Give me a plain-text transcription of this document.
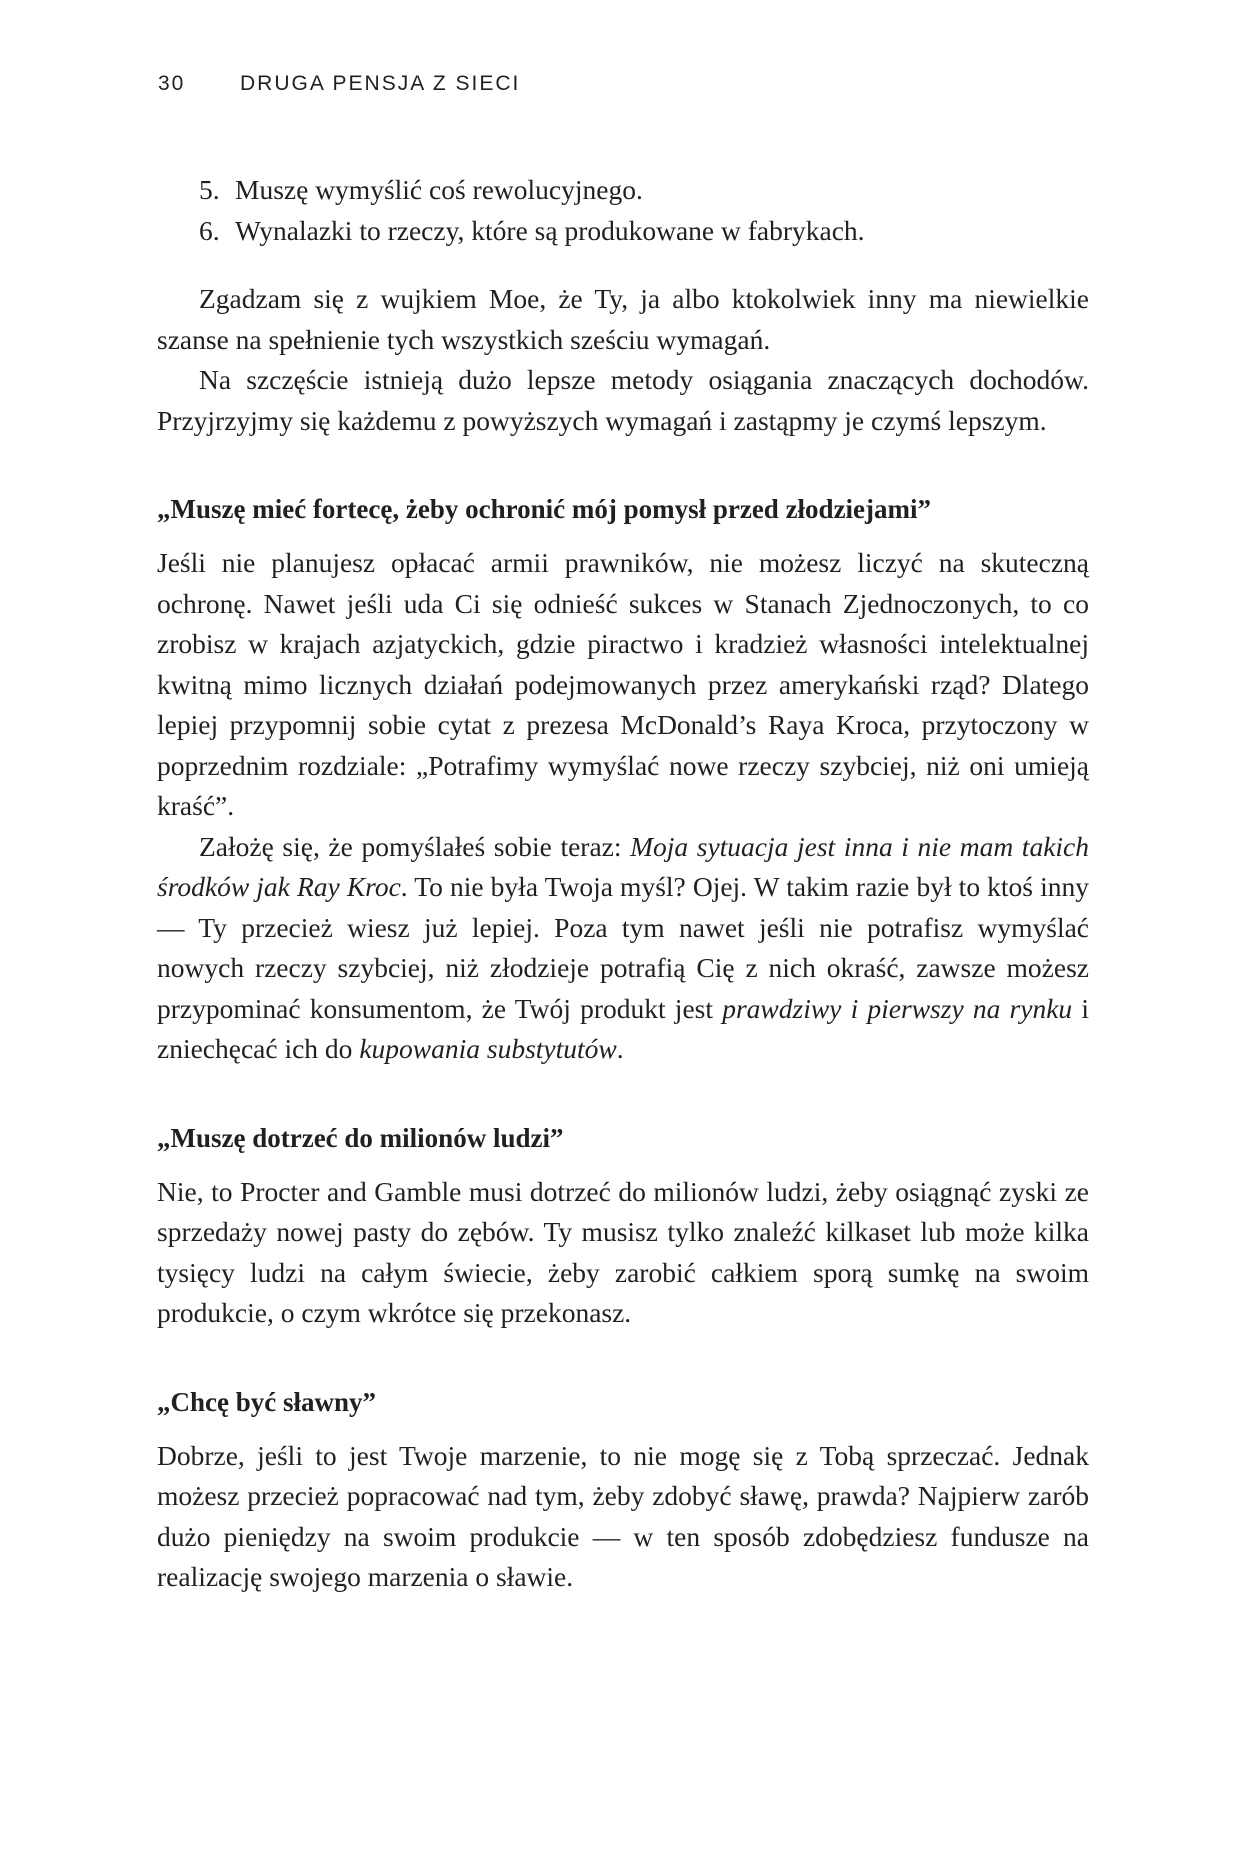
30	DRUGA PENSJA Z SIECI
5. Muszę wymyślić coś rewolucyjnego.
6. Wynalazki to rzeczy, które są produkowane w fabrykach.

Zgadzam się z wujkiem Moe, że Ty, ja albo ktokolwiek inny ma niewielkie szanse na spełnienie tych wszystkich sześciu wymagań.

Na szczęście istnieją dużo lepsze metody osiągania znaczących dochodów. Przyjrzyjmy się każdemu z powyższych wymagań i zastąpmy je czymś lepszym.

„Muszę mieć fortecę, żeby ochronić mój pomysł przed złodziejami”

Jeśli nie planujesz opłacać armii prawników, nie możesz liczyć na skuteczną ochronę. Nawet jeśli uda Ci się odnieść sukces w Stanach Zjednoczonych, to co zrobisz w krajach azjatyckich, gdzie piractwo i kradzież własności intelektualnej kwitną mimo licznych działań podejmowanych przez amerykański rząd? Dlatego lepiej przypomnij sobie cytat z prezesa McDonald’s Raya Kroca, przytoczony w poprzednim rozdziale: „Potrafimy wymyślać nowe rzeczy szybciej, niż oni umieją kraść”.

Założę się, że pomyślałeś sobie teraz: Moja sytuacja jest inna i nie mam takich środków jak Ray Kroc. To nie była Twoja myśl? Ojej. W takim razie był to ktoś inny — Ty przecież wiesz już lepiej. Poza tym nawet jeśli nie potrafisz wymyślać nowych rzeczy szybciej, niż złodzieje potrafią Cię z nich okraść, zawsze możesz przypominać konsumentom, że Twój produkt jest prawdziwy i pierwszy na rynku i zniechęcać ich do kupowania substytutów.

„Muszę dotrzeć do milionów ludzi”

Nie, to Procter and Gamble musi dotrzeć do milionów ludzi, żeby osiągnąć zyski ze sprzedaży nowej pasty do zębów. Ty musisz tylko znaleźć kilkaset lub może kilka tysięcy ludzi na całym świecie, żeby zarobić całkiem sporą sumkę na swoim produkcie, o czym wkrótce się przekonasz.

„Chcę być sławny”

Dobrze, jeśli to jest Twoje marzenie, to nie mogę się z Tobą sprzeczać. Jednak możesz przecież popracować nad tym, żeby zdobyć sławę, prawda? Najpierw zarób dużo pieniędzy na swoim produkcie — w ten sposób zdobędziesz fundusze na realizację swojego marzenia o sławie.
